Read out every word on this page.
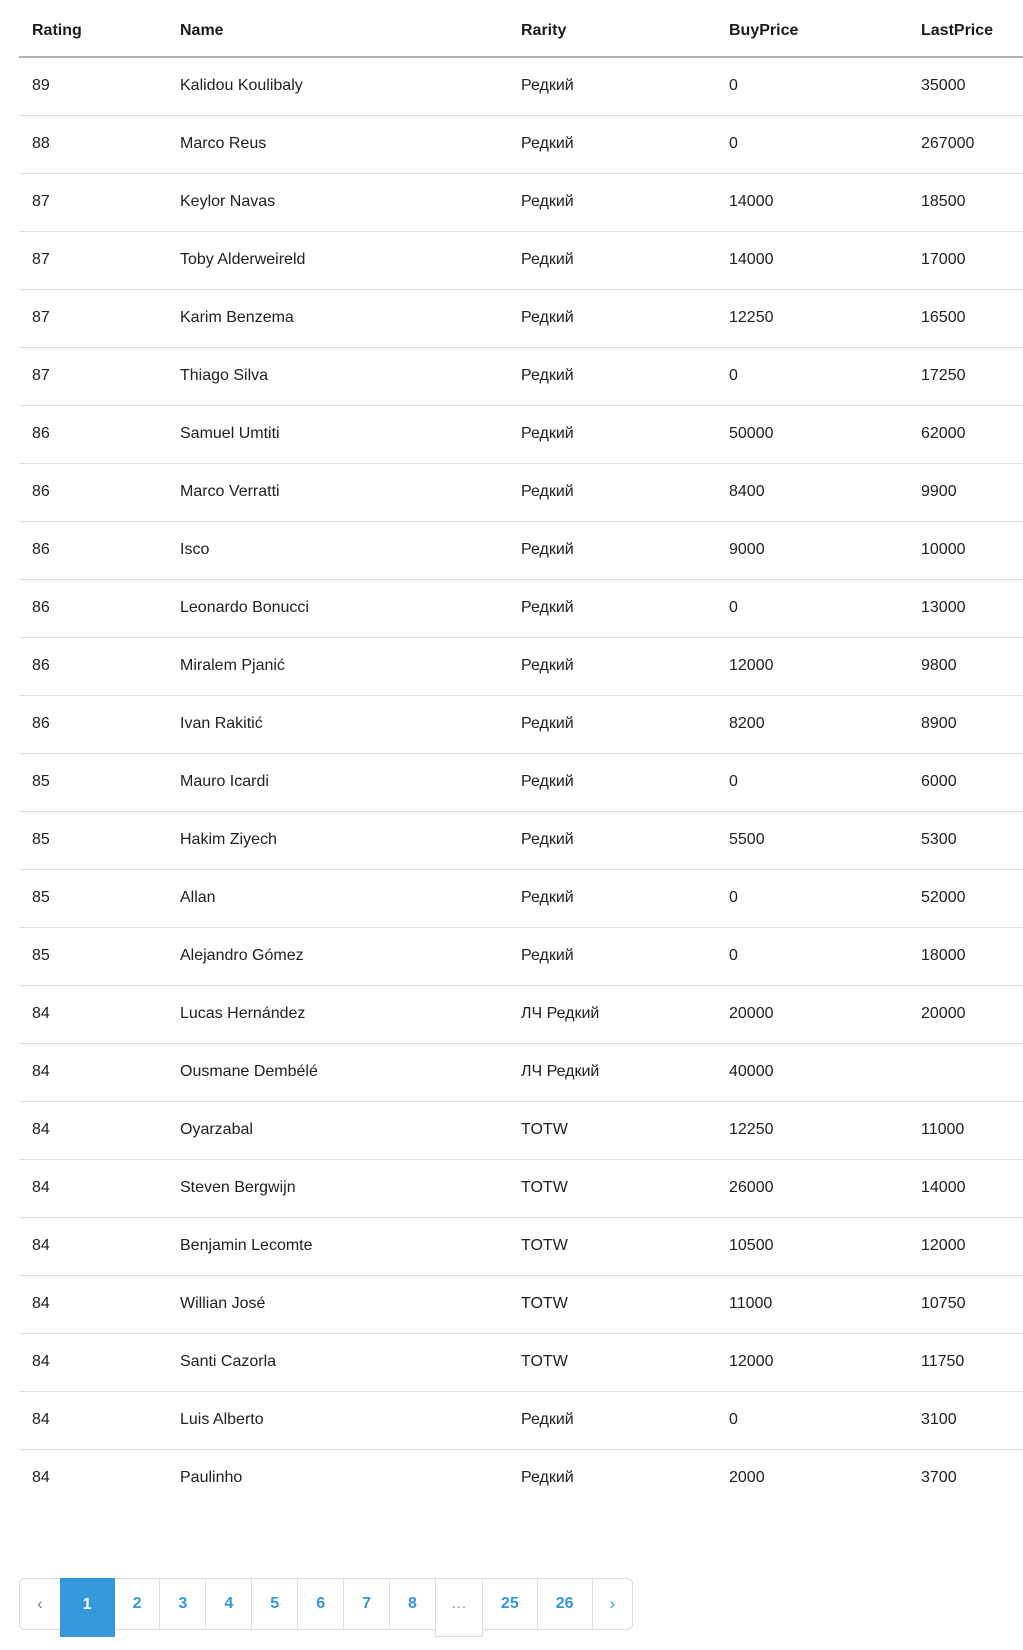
Rating	Name	Rarity	BuyPrice	LastPrice
89	Kalidou Koulibaly	Редкий	0	35000
88	Marco Reus	Редкий	0	267000
87	Keylor Navas	Редкий	14000	18500
87	Toby Alderweireld	Редкий	14000	17000
87	Karim Benzema	Редкий	12250	16500
87	Thiago Silva	Редкий	0	17250
86	Samuel Umtiti	Редкий	50000	62000
86	Marco Verratti	Редкий	8400	9900
86	Isco	Редкий	9000	10000
86	Leonardo Bonucci	Редкий	0	13000
86	Miralem Pjanić	Редкий	12000	9800
86	Ivan Rakitić	Редкий	8200	8900
85	Mauro Icardi	Редкий	0	6000
85	Hakim Ziyech	Редкий	5500	5300
85	Allan	Редкий	0	52000
85	Alejandro Gómez	Редкий	0	18000
84	Lucas Hernández	ЛЧ Редкий	20000	20000
84	Ousmane Dembélé	ЛЧ Редкий	40000	
84	Oyarzabal	TOTW	12250	11000
84	Steven Bergwijn	TOTW	26000	14000
84	Benjamin Lecomte	TOTW	10500	12000
84	Willian José	TOTW	11000	10750
84	Santi Cazorla	TOTW	12000	11750
84	Luis Alberto	Редкий	0	3100
84	Paulinho	Редкий	2000	3700
‹	1	2	3	4	5	6	7	8	…	25	26	›
